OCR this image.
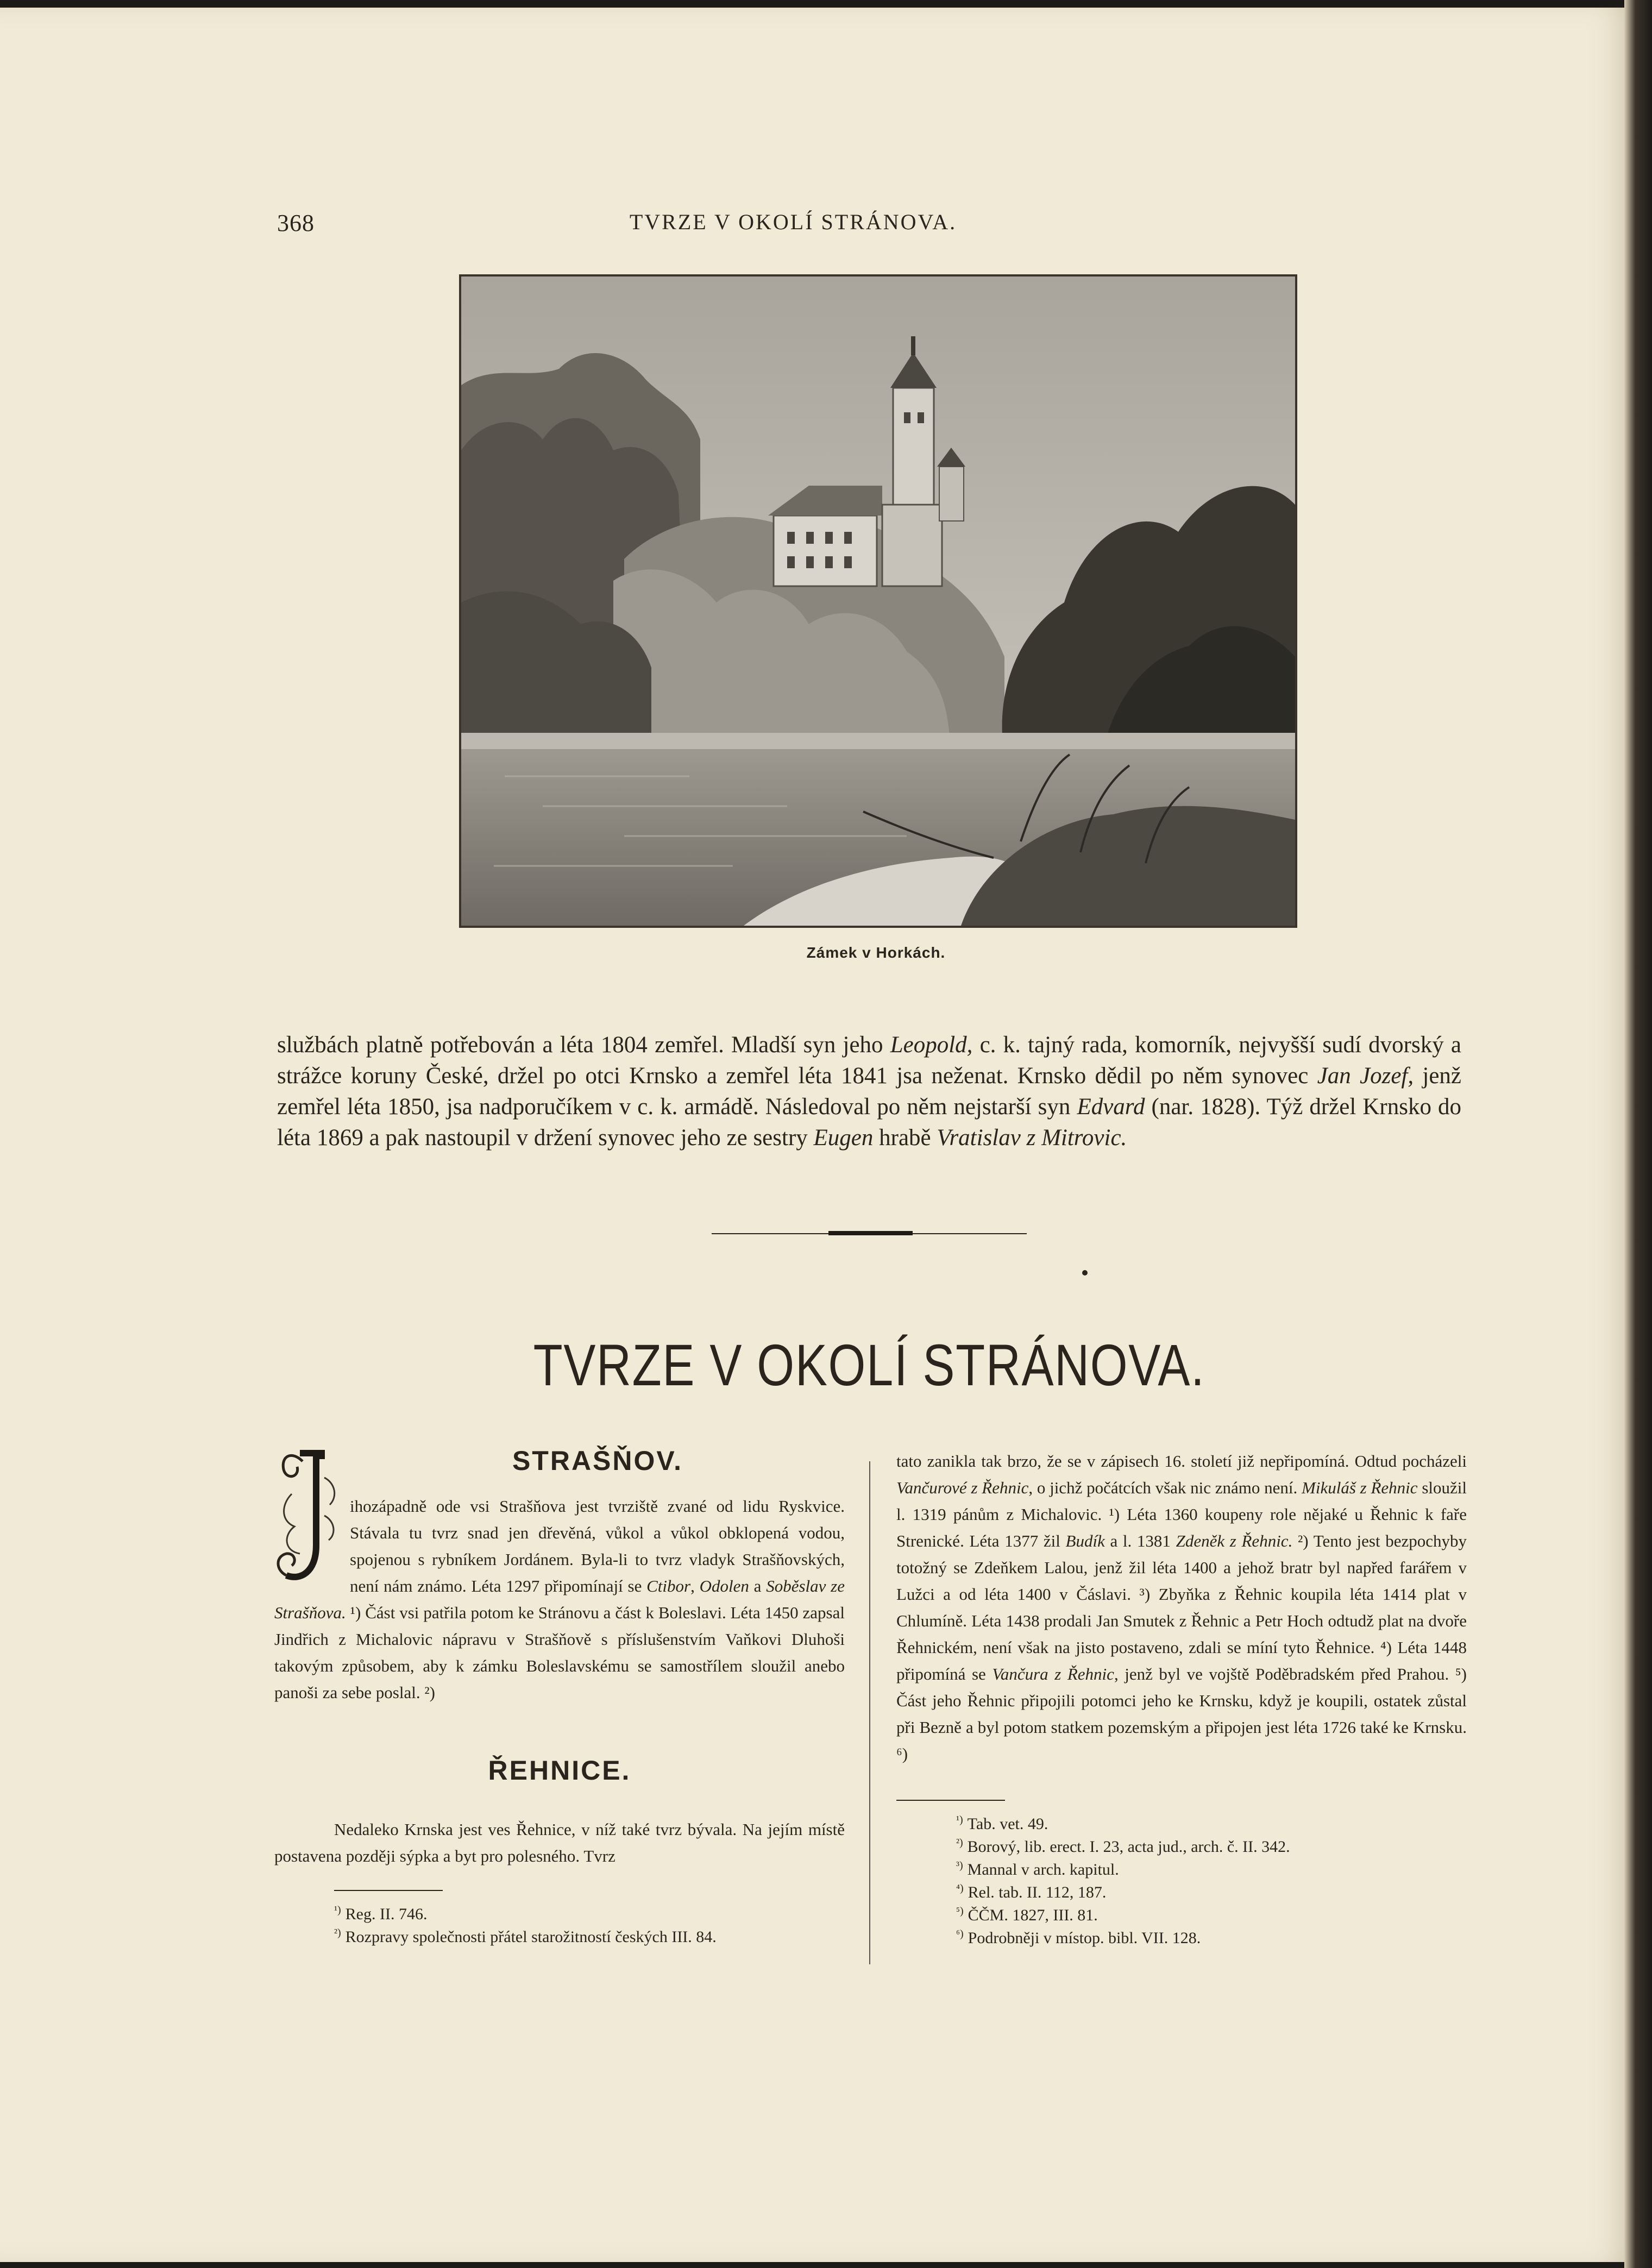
368	TVRZE V OKOLÍ STRÁNOVA.
Zámek v Horkách.

službách platně potřebován a léta 1804 zemřel. Mladší syn jeho Leopold, c. k. tajný rada, komorník, nejvyšší sudí dvorský a strážce koruny České, držel po otci Krnsko a zemřel léta 1841 jsa neženat. Krnsko dědil po něm synovec Jan Jozef, jenž zemřel léta 1850, jsa nadporučíkem v c. k. armádě. Následoval po něm nejstarší syn Edvard (nar. 1828). Týž držel Krnsko do léta 1869 a pak nastoupil v držení synovec jeho ze sestry Eugen hrabě Vratislav z Mitrovic.

TVRZE V OKOLÍ STRÁNOVA.
STRAŠŇOV.

ihozápadně ode vsi Strašňova jest tvrziště zvané od lidu Ryskvice. Stávala tu tvrz snad jen dřevěná, vůkol a vůkol obklopená vodou, spojenou s rybníkem Jordánem. Byla-li to tvrz vladyk Strašňovských, není nám známo. Léta 1297 připomínají se Ctibor, Odolen a Soběslav ze Strašňova. ¹) Část vsi patřila potom ke Stránovu a část k Boleslavi. Léta 1450 zapsal Jindřich z Michalovic nápravu v Strašňově s příslušenstvím Vaňkovi Dluhoši takovým způsobem, aby k zámku Boleslavskému se samostřílem sloužil anebo panoši za sebe poslal. ²)

ŘEHNICE.

Nedaleko Krnska jest ves Řehnice, v níž také tvrz bývala. Na jejím místě postavena později sýpka a byt pro polesného. Tvrz

$^{^1)}$ Reg. II. 746.
$^{^2)}$ Rozpravy společnosti přátel starožitností českých III. 84.

tato zanikla tak brzo, že se v zápisech 16. století již nepřipomíná. Odtud pocházeli Vančurové z Řehnic, o jichž počátcích však nic známo není. Mikuláš z Řehnic sloužil l. 1319 pánům z Michalovic. ¹) Léta 1360 koupeny role nějaké u Řehnic k faře Strenické. Léta 1377 žil Budík a l. 1381 Zdeněk z Řehnic. ²) Tento jest bezpochyby totožný se Zdeňkem Lalou, jenž žil léta 1400 a jehož bratr byl napřed farářem v Lužci a od léta 1400 v Čáslavi. ³) Zbyňka z Řehnic koupila léta 1414 plat v Chlumíně. Léta 1438 prodali Jan Smutek z Řehnic a Petr Hoch odtudž plat na dvoře Řehnickém, není však na jisto postaveno, zdali se míní tyto Řehnice. ⁴) Léta 1448 připomíná se Vančura z Řehnic, jenž byl ve vojště Poděbradském před Prahou. ⁵) Část jeho Řehnic připojili potomci jeho ke Krnsku, když je koupili, ostatek zůstal při Bezně a byl potom statkem pozemským a připojen jest léta 1726 také ke Krnsku. ⁶)

$^{^1)}$ Tab. vet. 49.
$^{^2)}$ Borový, lib. erect. I. 23, acta jud., arch. č. II. 342.
$^{^3)}$ Mannal v arch. kapitul.
$^{^4)}$ Rel. tab. II. 112, 187.
$^{^5)}$ ČČM. 1827, III. 81.
$^{^6)}$ Podrobněji v místop. bibl. VII. 128.
